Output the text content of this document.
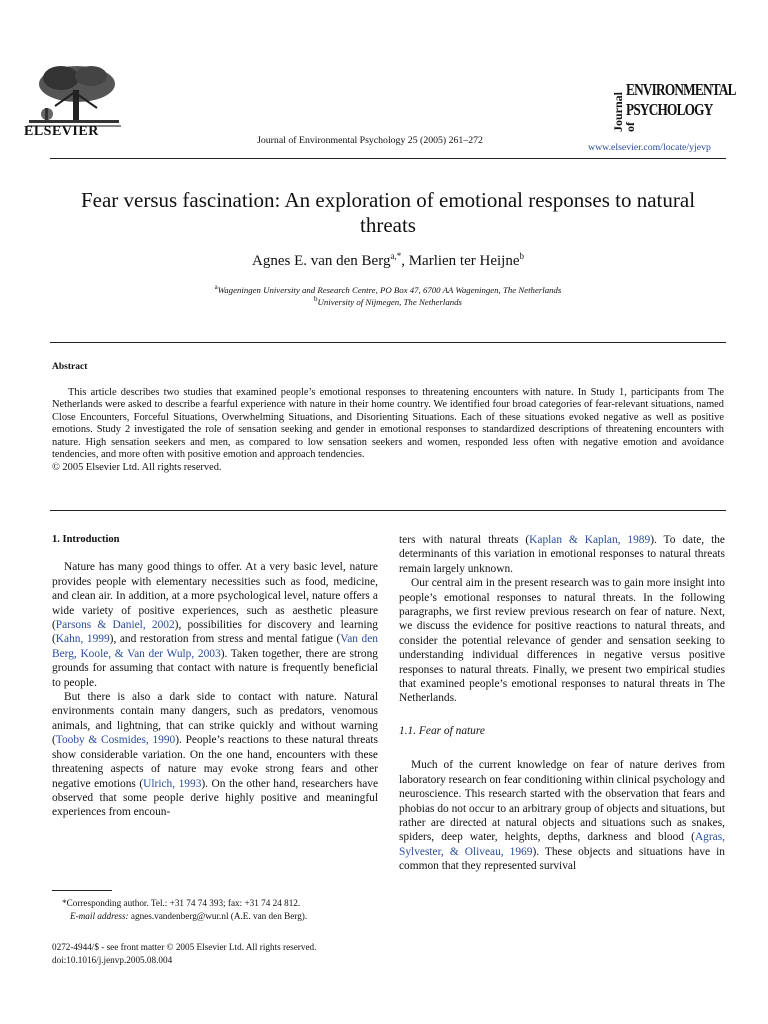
ELSEVIER
Journal of Environmental Psychology 25 (2005) 261–272
Journal of
ENVIRONMENTAL
PSYCHOLOGY
www.elsevier.com/locate/yjevp
Fear versus fascination: An exploration of emotional responses to natural threats
Agnes E. van den Berg$^{a,*}$, Marlien ter Heijne$^b$
$^a$Wageningen University and Research Centre, PO Box 47, 6700 AA Wageningen, The Netherlands
$^b$University of Nijmegen, The Netherlands
Abstract

This article describes two studies that examined people’s emotional responses to threatening encounters with nature. In Study 1, participants from The Netherlands were asked to describe a fearful experience with nature in their home country. We identified four broad categories of fear-relevant situations, named Close Encounters, Forceful Situations, Overwhelming Situations, and Disorienting Situations. Each of these situations evoked negative as well as positive emotions. Study 2 investigated the role of sensation seeking and gender in emotional responses to standardized descriptions of threatening encounters with nature. High sensation seekers and men, as compared to low sensation seekers and women, responded less often with negative emotion and avoidance tendencies, and more often with positive emotion and approach tendencies.

© 2005 Elsevier Ltd. All rights reserved.

1. Introduction

Nature has many good things to offer. At a very basic level, nature provides people with elementary necessities such as food, medicine, and clean air. In addition, at a more psychological level, nature offers a wide variety of positive experiences, such as aesthetic pleasure (Parsons & Daniel, 2002), possibilities for discovery and learning (Kahn, 1999), and restoration from stress and mental fatigue (Van den Berg, Koole, & Van der Wulp, 2003). Taken together, there are strong grounds for assuming that contact with nature is frequently beneficial to people.

But there is also a dark side to contact with nature. Natural environments contain many dangers, such as predators, venomous animals, and lightning, that can strike quickly and without warning (Tooby & Cosmides, 1990). People’s reactions to these natural threats show considerable variation. On the one hand, encounters with these threatening aspects of nature may evoke strong fears and other negative emotions (Ulrich, 1993). On the other hand, researchers have observed that some people derive highly positive and meaningful experiences from encoun-

*Corresponding author. Tel.: +31 74 74 393; fax: +31 74 24 812.
E-mail address: agnes.vandenberg@wur.nl (A.E. van den Berg).
0272-4944/$ - see front matter © 2005 Elsevier Ltd. All rights reserved.
doi:10.1016/j.jenvp.2005.08.004

ters with natural threats (Kaplan & Kaplan, 1989). To date, the determinants of this variation in emotional responses to natural threats remain largely unknown.

Our central aim in the present research was to gain more insight into people’s emotional responses to natural threats. In the following paragraphs, we first review previous research on fear of nature. Next, we discuss the evidence for positive reactions to natural threats, and consider the potential relevance of gender and sensation seeking to understanding individual differences in negative versus positive responses to natural threats. Finally, we present two empirical studies that examined people’s emotional responses to natural threats in The Netherlands.

1.1. Fear of nature

Much of the current knowledge on fear of nature derives from laboratory research on fear conditioning within clinical psychology and neuroscience. This research started with the observation that fears and phobias do not occur to an arbitrary group of objects and situations, but rather are directed at natural objects and situations such as snakes, spiders, deep water, heights, depths, darkness and blood (Agras, Sylvester, & Oliveau, 1969). These objects and situations have in common that they represented survival
